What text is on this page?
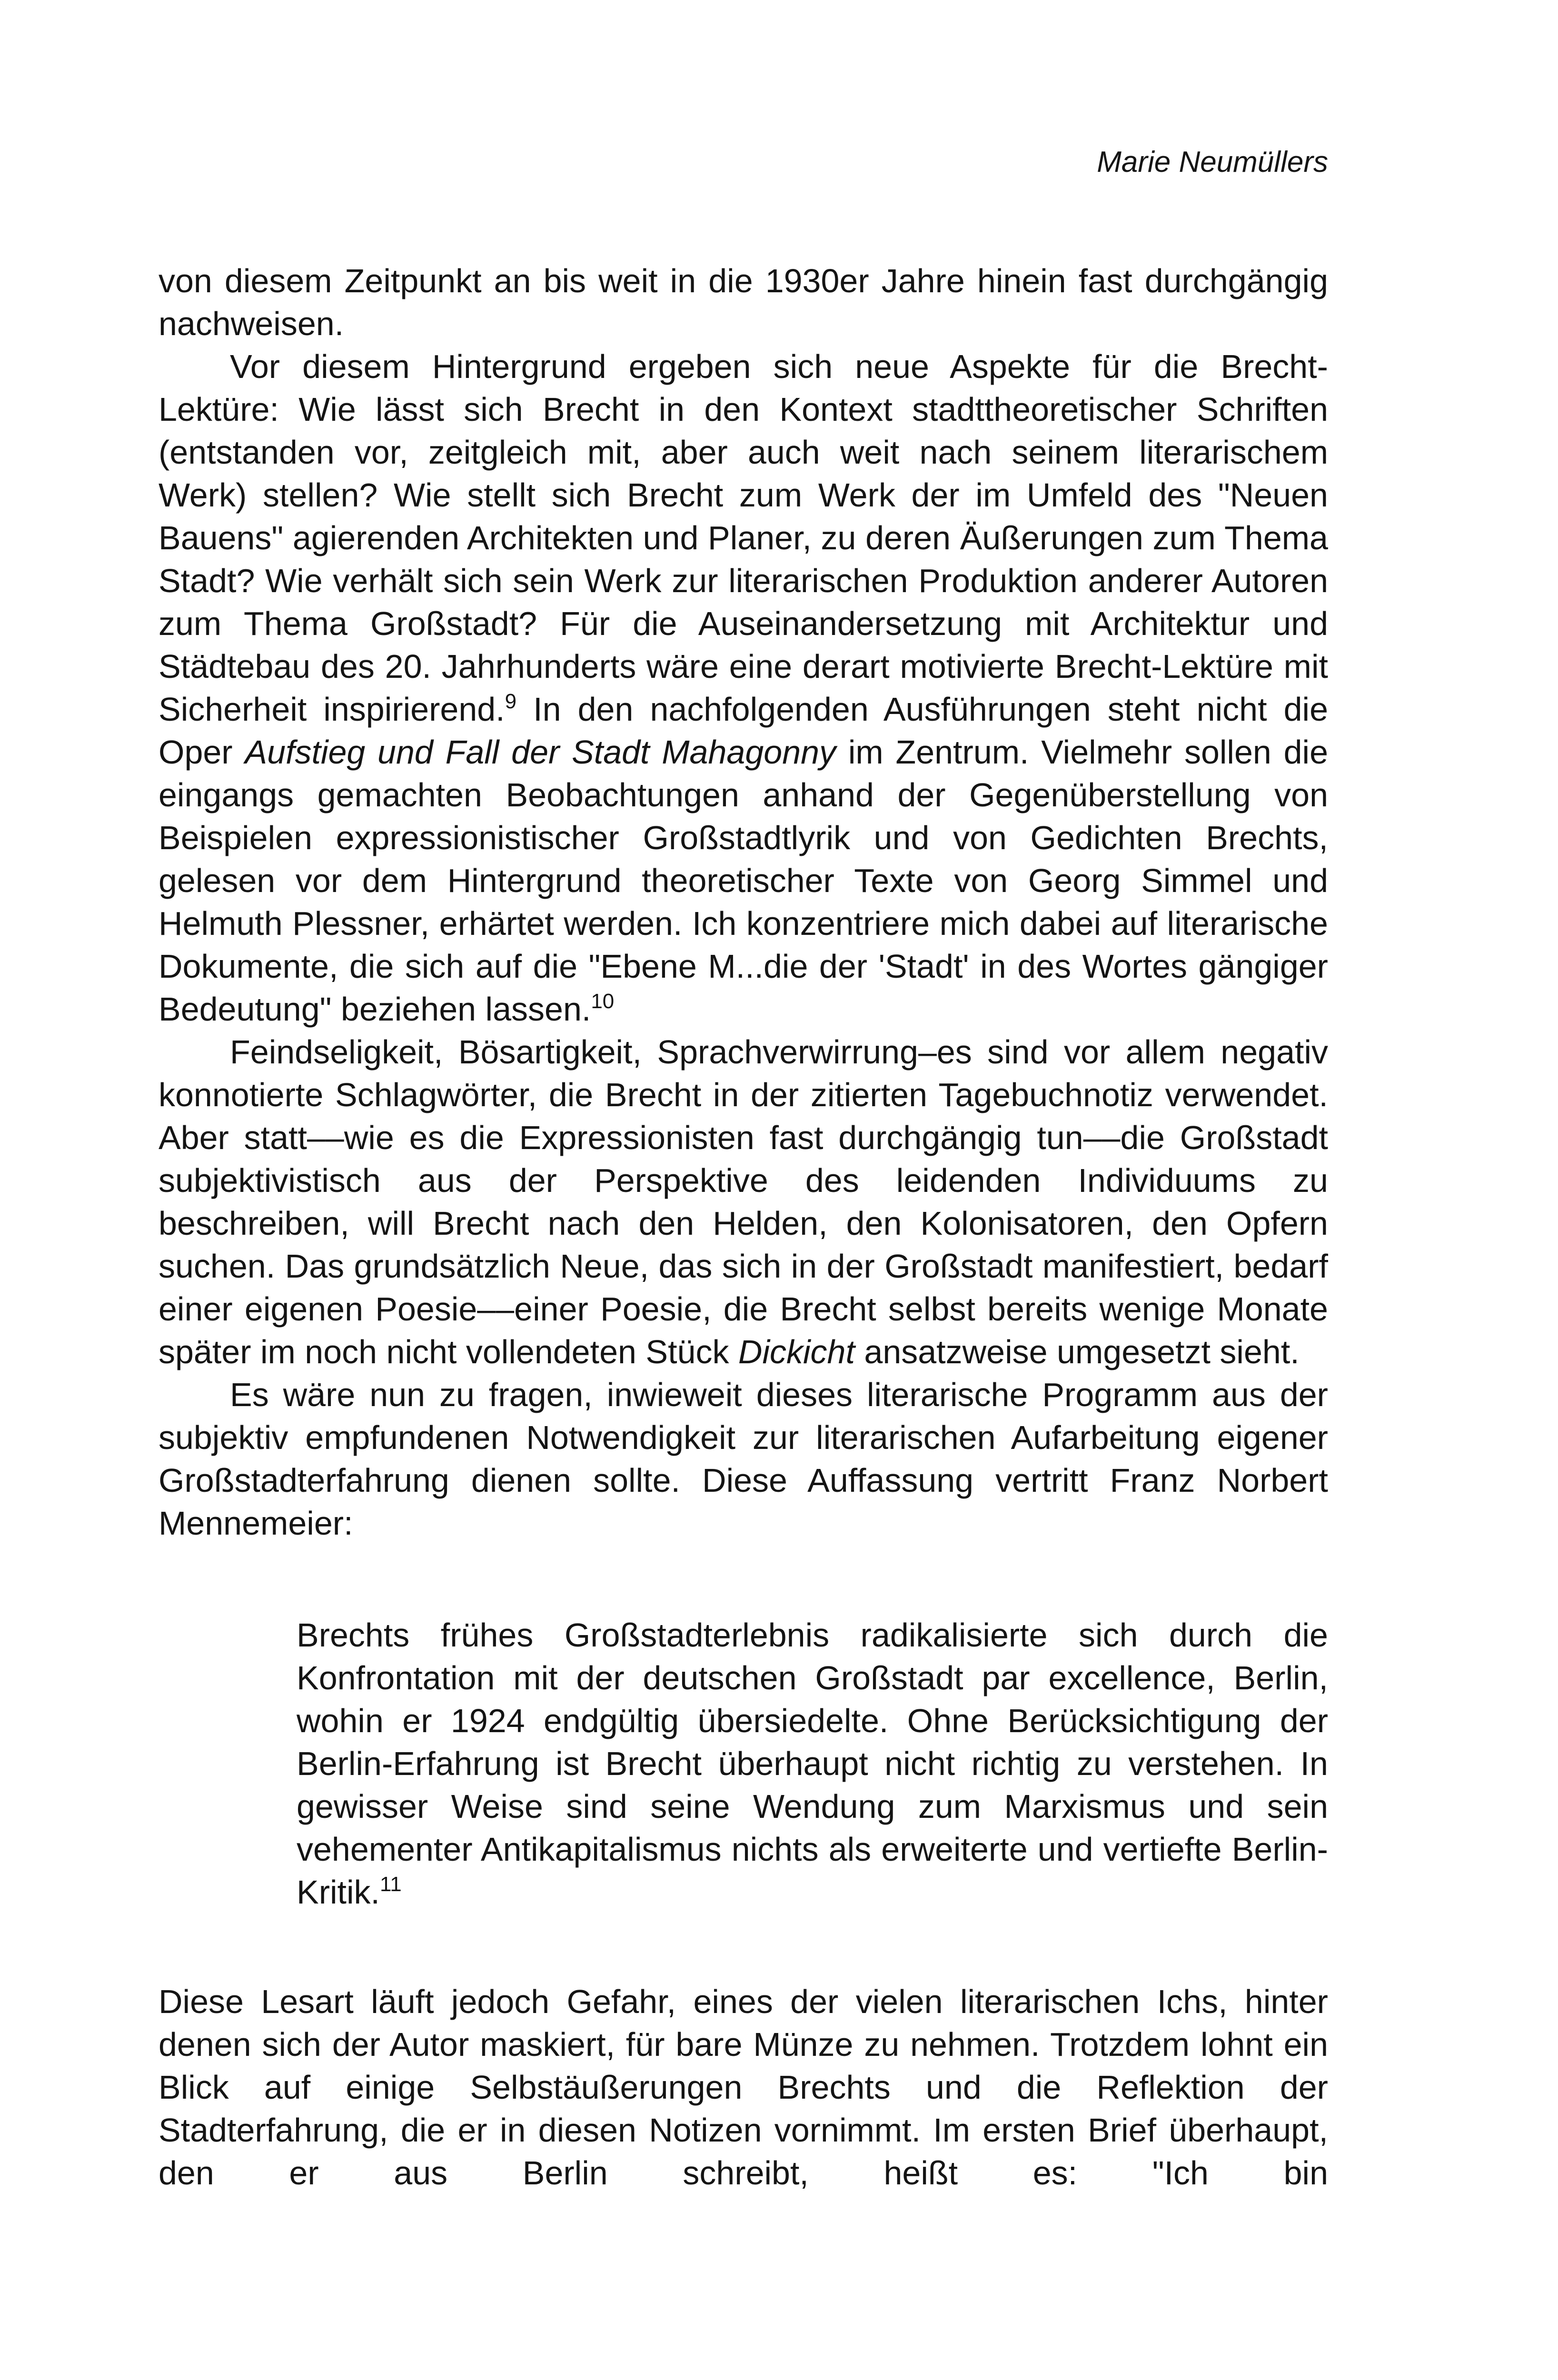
Marie Neumüllers

von diesem Zeitpunkt an bis weit in die 1930er Jahre hinein fast durchgängig nachweisen.

Vor diesem Hintergrund ergeben sich neue Aspekte für die Brecht-Lektüre: Wie lässt sich Brecht in den Kontext stadttheoretischer Schriften (entstanden vor, zeitgleich mit, aber auch weit nach seinem literarischem Werk) stellen? Wie stellt sich Brecht zum Werk der im Umfeld des "Neuen Bauens" agierenden Architekten und Planer, zu deren Äußerungen zum Thema Stadt? Wie verhält sich sein Werk zur literarischen Produktion anderer Autoren zum Thema Großstadt? Für die Auseinandersetzung mit Architektur und Städtebau des 20. Jahrhunderts wäre eine derart motivierte Brecht-Lektüre mit Sicherheit inspirierend.$^9$ In den nachfolgenden Ausführungen steht nicht die Oper Aufstieg und Fall der Stadt Mahagonny im Zentrum. Vielmehr sollen die eingangs gemachten Beobachtungen anhand der Gegenüberstellung von Beispielen expressionistischer Großstadtlyrik und von Gedichten Brechts, gelesen vor dem Hintergrund theoretischer Texte von Georg Simmel und Helmuth Plessner, erhärtet werden. Ich konzentriere mich dabei auf literarische Dokumente, die sich auf die "Ebene M...die der 'Stadt' in des Wortes gängiger Bedeutung" beziehen lassen.$^{10}$

Feindseligkeit, Bösartigkeit, Sprachverwirrung–es sind vor allem negativ konnotierte Schlagwörter, die Brecht in der zitierten Tagebuchnotiz verwendet. Aber statt––wie es die Expressionisten fast durchgängig tun––die Großstadt subjektivistisch aus der Perspektive des leidenden Individuums zu beschreiben, will Brecht nach den Helden, den Kolonisatoren, den Opfern suchen. Das grundsätzlich Neue, das sich in der Großstadt manifestiert, bedarf einer eigenen Poesie––einer Poesie, die Brecht selbst bereits wenige Monate später im noch nicht vollendeten Stück Dickicht ansatzweise umgesetzt sieht.

Es wäre nun zu fragen, inwieweit dieses literarische Programm aus der subjektiv empfundenen Notwendigkeit zur literarischen Aufarbeitung eigener Großstadterfahrung dienen sollte. Diese Auffassung vertritt Franz Norbert Mennemeier:

Brechts frühes Großstadterlebnis radikalisierte sich durch die Konfrontation mit der deutschen Großstadt par excellence, Berlin, wohin er 1924 endgültig übersiedelte. Ohne Berücksichtigung der Berlin-Erfahrung ist Brecht überhaupt nicht richtig zu verstehen. In gewisser Weise sind seine Wendung zum Marxismus und sein vehementer Antikapitalismus nichts als erweiterte und vertiefte Berlin-Kritik.$^{11}$

Diese Lesart läuft jedoch Gefahr, eines der vielen literarischen Ichs, hinter denen sich der Autor maskiert, für bare Münze zu nehmen. Trotzdem lohnt ein Blick auf einige Selbstäußerungen Brechts und die Reflektion der Stadterfahrung, die er in diesen Notizen vornimmt. Im ersten Brief überhaupt, den er aus Berlin schreibt, heißt es: "Ich bin
